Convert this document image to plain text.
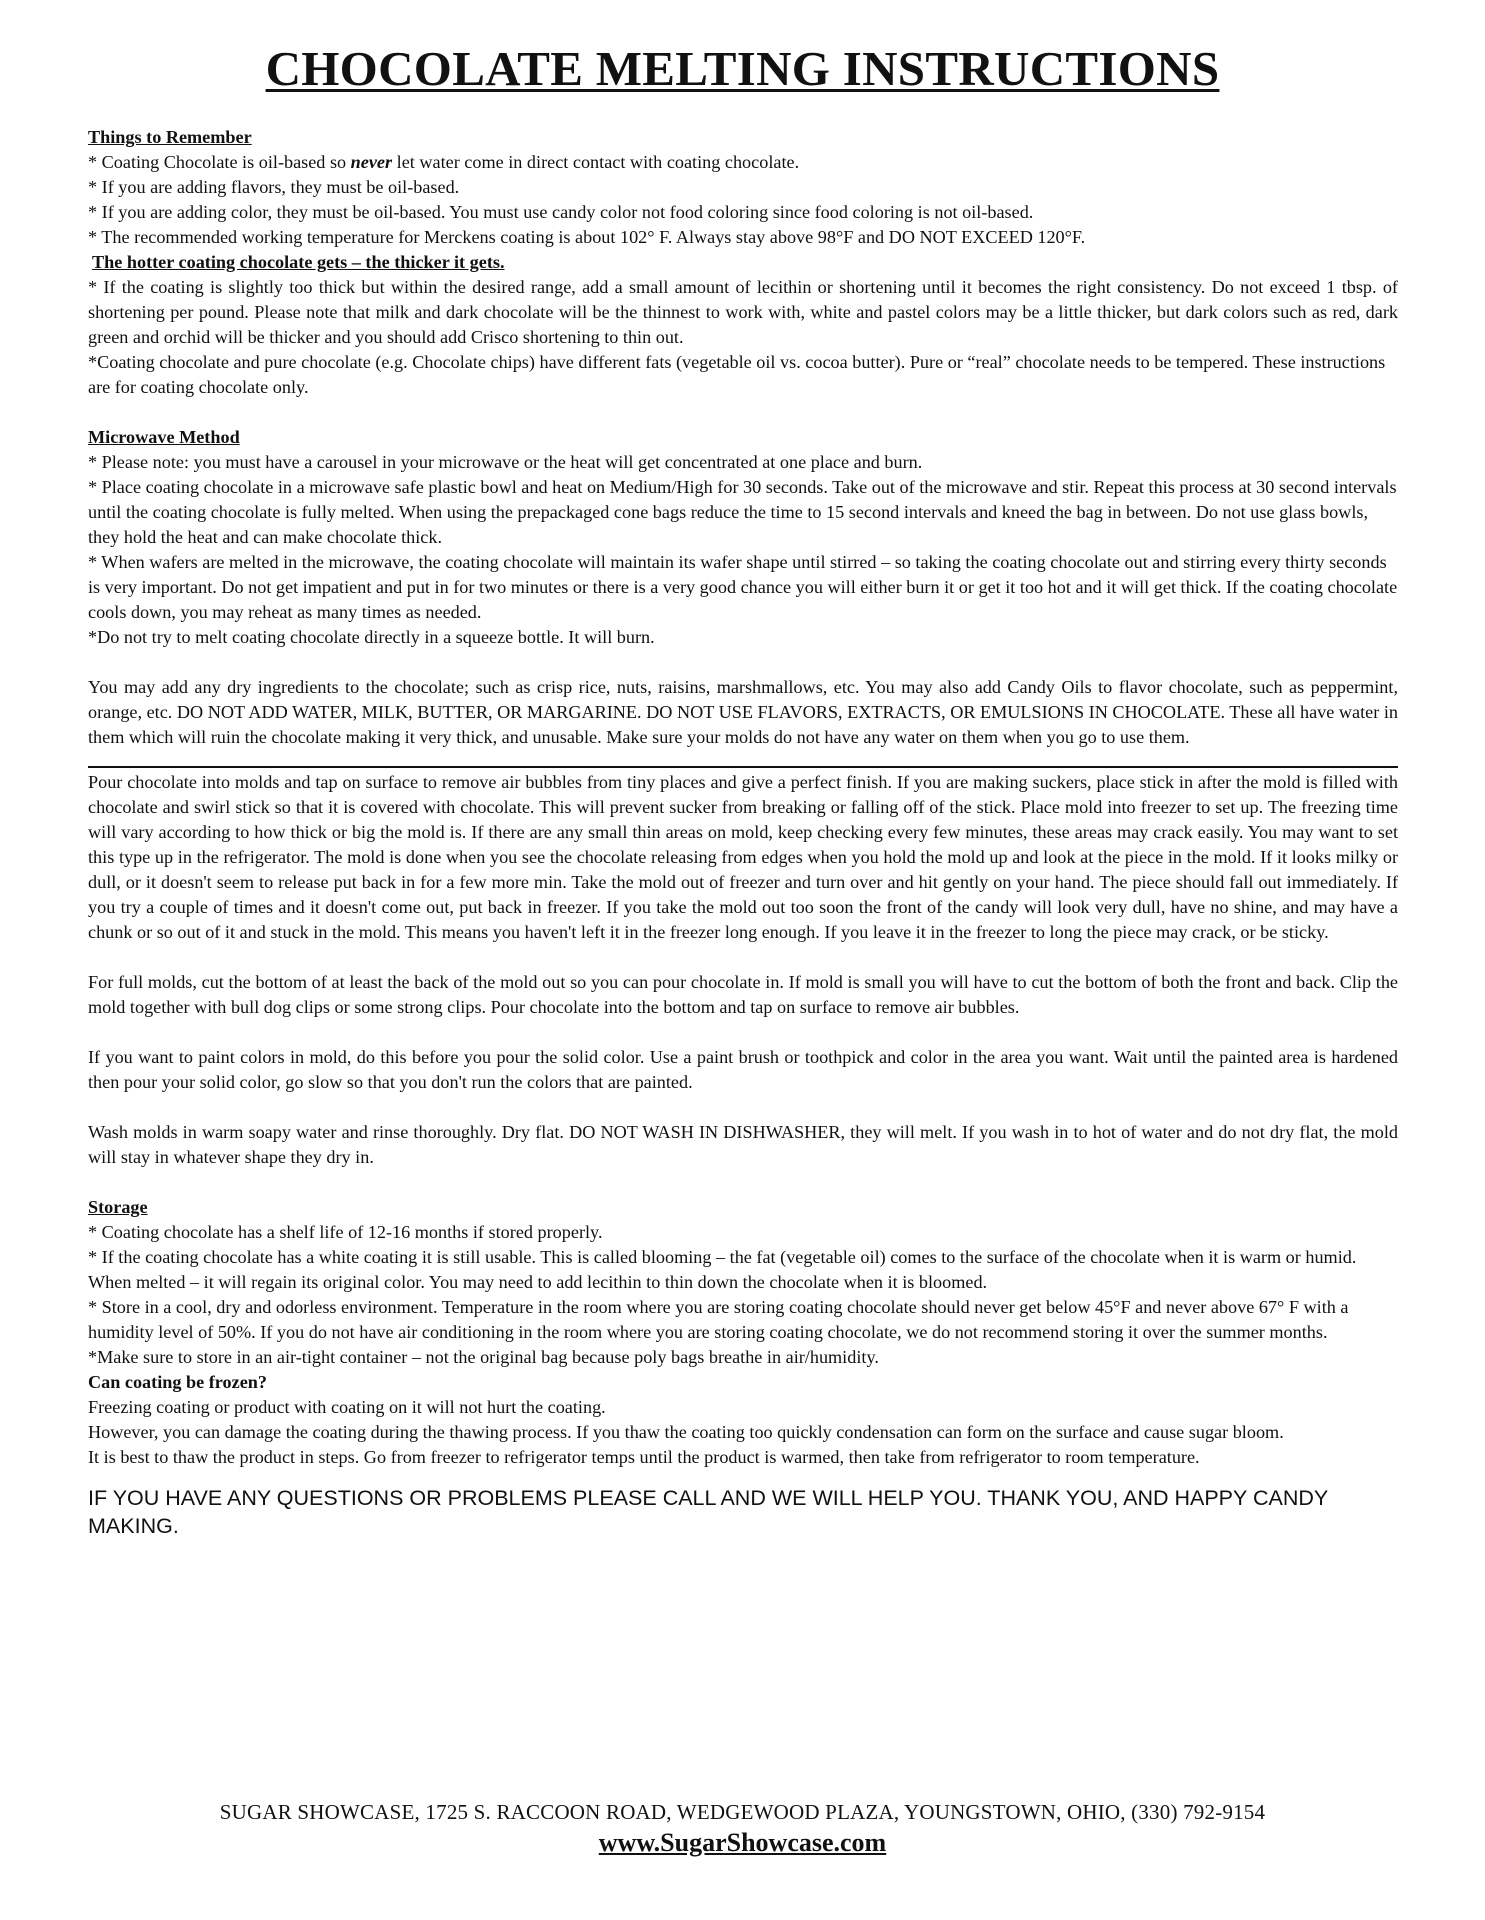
CHOCOLATE MELTING INSTRUCTIONS

Things to Remember

* Coating Chocolate is oil-based so never let water come in direct contact with coating chocolate.

* If you are adding flavors, they must be oil-based.

* If you are adding color, they must be oil-based. You must use candy color not food coloring since food coloring is not oil-based.

* The recommended working temperature for Merckens coating is about 102° F. Always stay above 98°F and DO NOT EXCEED 120°F.

The hotter coating chocolate gets – the thicker it gets.

* If the coating is slightly too thick but within the desired range, add a small amount of lecithin or shortening until it becomes the right consistency. Do not exceed 1 tbsp. of shortening per pound. Please note that milk and dark chocolate will be the thinnest to work with, white and pastel colors may be a little thicker, but dark colors such as red, dark green and orchid will be thicker and you should add Crisco shortening to thin out.

*Coating chocolate and pure chocolate (e.g. Chocolate chips) have different fats (vegetable oil vs. cocoa butter). Pure or “real” chocolate needs to be tempered. These instructions are for coating chocolate only.

Microwave Method

* Please note: you must have a carousel in your microwave or the heat will get concentrated at one place and burn.

* Place coating chocolate in a microwave safe plastic bowl and heat on Medium/High for 30 seconds. Take out of the microwave and stir. Repeat this process at 30 second intervals until the coating chocolate is fully melted. When using the prepackaged cone bags reduce the time to 15 second intervals and kneed the bag in between. Do not use glass bowls, they hold the heat and can make chocolate thick.

* When wafers are melted in the microwave, the coating chocolate will maintain its wafer shape until stirred – so taking the coating chocolate out and stirring every thirty seconds is very important. Do not get impatient and put in for two minutes or there is a very good chance you will either burn it or get it too hot and it will get thick. If the coating chocolate cools down, you may reheat as many times as needed.

*Do not try to melt coating chocolate directly in a squeeze bottle. It will burn.

You may add any dry ingredients to the chocolate; such as crisp rice, nuts, raisins, marshmallows, etc. You may also add Candy Oils to flavor chocolate, such as peppermint, orange, etc. DO NOT ADD WATER, MILK, BUTTER, OR MARGARINE. DO NOT USE FLAVORS, EXTRACTS, OR EMULSIONS IN CHOCOLATE. These all have water in them which will ruin the chocolate making it very thick, and unusable. Make sure your molds do not have any water on them when you go to use them.

Pour chocolate into molds and tap on surface to remove air bubbles from tiny places and give a perfect finish. If you are making suckers, place stick in after the mold is filled with chocolate and swirl stick so that it is covered with chocolate. This will prevent sucker from breaking or falling off of the stick. Place mold into freezer to set up. The freezing time will vary according to how thick or big the mold is. If there are any small thin areas on mold, keep checking every few minutes, these areas may crack easily. You may want to set this type up in the refrigerator. The mold is done when you see the chocolate releasing from edges when you hold the mold up and look at the piece in the mold. If it looks milky or dull, or it doesn't seem to release put back in for a few more min. Take the mold out of freezer and turn over and hit gently on your hand. The piece should fall out immediately. If you try a couple of times and it doesn't come out, put back in freezer. If you take the mold out too soon the front of the candy will look very dull, have no shine, and may have a chunk or so out of it and stuck in the mold. This means you haven't left it in the freezer long enough. If you leave it in the freezer to long the piece may crack, or be sticky.

For full molds, cut the bottom of at least the back of the mold out so you can pour chocolate in. If mold is small you will have to cut the bottom of both the front and back. Clip the mold together with bull dog clips or some strong clips. Pour chocolate into the bottom and tap on surface to remove air bubbles.

If you want to paint colors in mold, do this before you pour the solid color. Use a paint brush or toothpick and color in the area you want. Wait until the painted area is hardened then pour your solid color, go slow so that you don't run the colors that are painted.

Wash molds in warm soapy water and rinse thoroughly. Dry flat. DO NOT WASH IN DISHWASHER, they will melt. If you wash in to hot of water and do not dry flat, the mold will stay in whatever shape they dry in.

Storage

* Coating chocolate has a shelf life of 12-16 months if stored properly.

* If the coating chocolate has a white coating it is still usable. This is called blooming – the fat (vegetable oil) comes to the surface of the chocolate when it is warm or humid. When melted – it will regain its original color. You may need to add lecithin to thin down the chocolate when it is bloomed.

* Store in a cool, dry and odorless environment. Temperature in the room where you are storing coating chocolate should never get below 45°F and never above 67° F with a humidity level of 50%. If you do not have air conditioning in the room where you are storing coating chocolate, we do not recommend storing it over the summer months.

*Make sure to store in an air-tight container – not the original bag because poly bags breathe in air/humidity.

Can coating be frozen?

Freezing coating or product with coating on it will not hurt the coating.

However, you can damage the coating during the thawing process. If you thaw the coating too quickly condensation can form on the surface and cause sugar bloom.

It is best to thaw the product in steps. Go from freezer to refrigerator temps until the product is warmed, then take from refrigerator to room temperature.

IF YOU HAVE ANY QUESTIONS OR PROBLEMS PLEASE CALL AND WE WILL HELP YOU. THANK YOU, AND HAPPY CANDY MAKING.

SUGAR SHOWCASE, 1725 S. RACCOON ROAD, WEDGEWOOD PLAZA, YOUNGSTOWN, OHIO, (330) 792-9154
www.SugarShowcase.com
